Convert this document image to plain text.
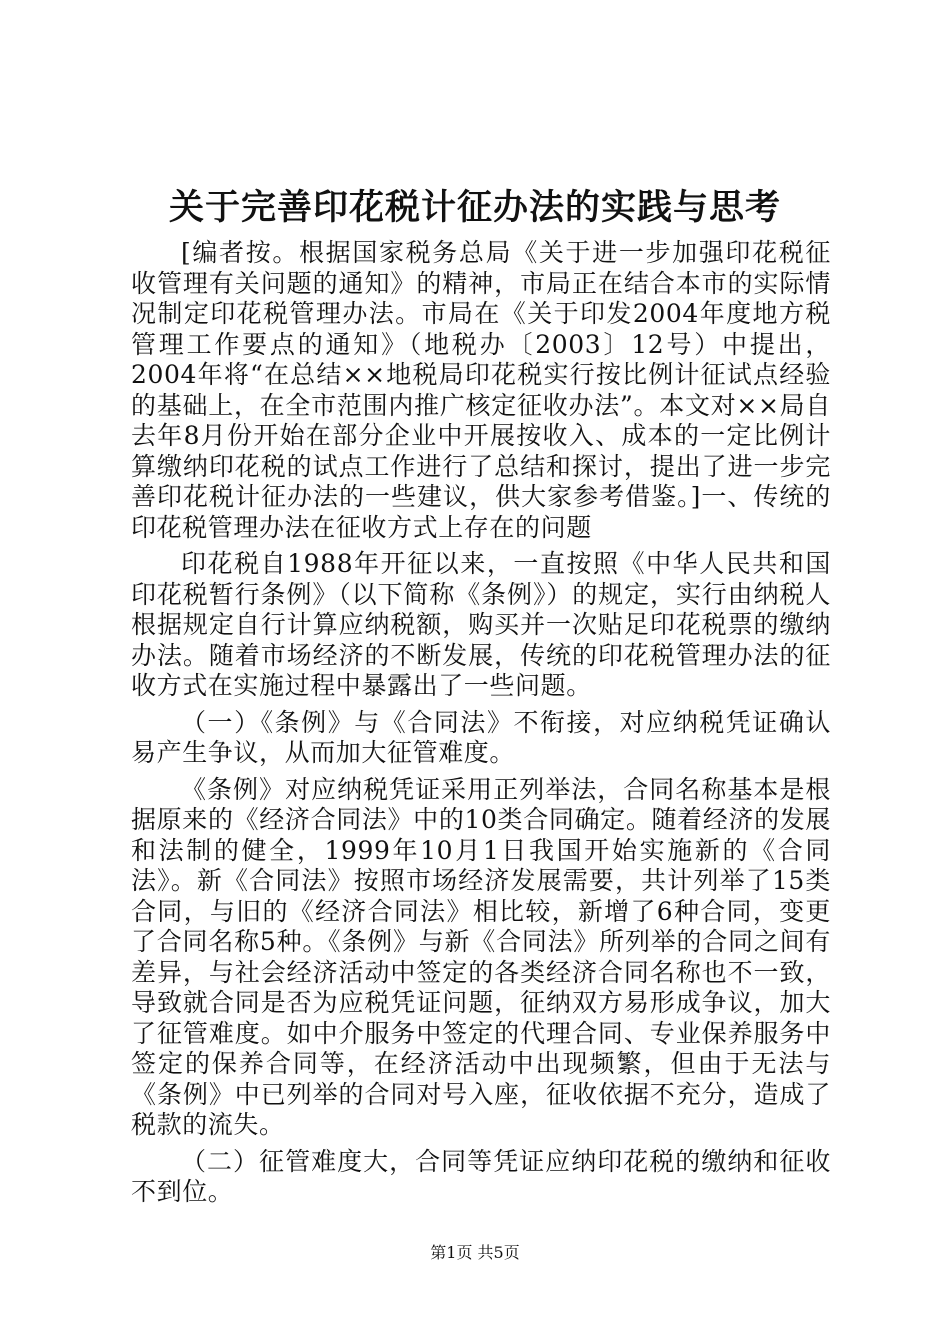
关于完善印花税计征办法的实践与思考

[编者按。根据国家税务总局《关于进一步加强印花税征收管理有关问题的通知》的精神，市局正在结合本市的实际情况制定印花税管理办法。市局在《关于印发2004年度地方税管理工作要点的通知》（地税办〔2003〕12号）中提出，2004年将“在总结××地税局印花税实行按比例计征试点经验的基础上，在全市范围内推广核定征收办法”。本文对××局自去年8月份开始在部分企业中开展按收入、成本的一定比例计算缴纳印花税的试点工作进行了总结和探讨，提出了进一步完善印花税计征办法的一些建议，供大家参考借鉴。]一、传统的印花税管理办法在征收方式上存在的问题

印花税自1988年开征以来，一直按照《中华人民共和国印花税暂行条例》（以下简称《条例》）的规定，实行由纳税人根据规定自行计算应纳税额，购买并一次贴足印花税票的缴纳办法。随着市场经济的不断发展，传统的印花税管理办法的征收方式在实施过程中暴露出了一些问题。

（一）《条例》与《合同法》不衔接，对应纳税凭证确认易产生争议，从而加大征管难度。

《条例》对应纳税凭证采用正列举法，合同名称基本是根据原来的《经济合同法》中的10类合同确定。随着经济的发展和法制的健全，1999年10月1日我国开始实施新的《合同法》。新《合同法》按照市场经济发展需要，共计列举了15类合同，与旧的《经济合同法》相比较，新增了6种合同，变更了合同名称5种。《条例》与新《合同法》所列举的合同之间有差异，与社会经济活动中签定的各类经济合同名称也不一致，导致就合同是否为应税凭证问题，征纳双方易形成争议，加大了征管难度。如中介服务中签定的代理合同、专业保养服务中签定的保养合同等，在经济活动中出现频繁，但由于无法与《条例》中已列举的合同对号入座，征收依据不充分，造成了税款的流失。

（二）征管难度大，合同等凭证应纳印花税的缴纳和征收不到位。

第1页 共5页
